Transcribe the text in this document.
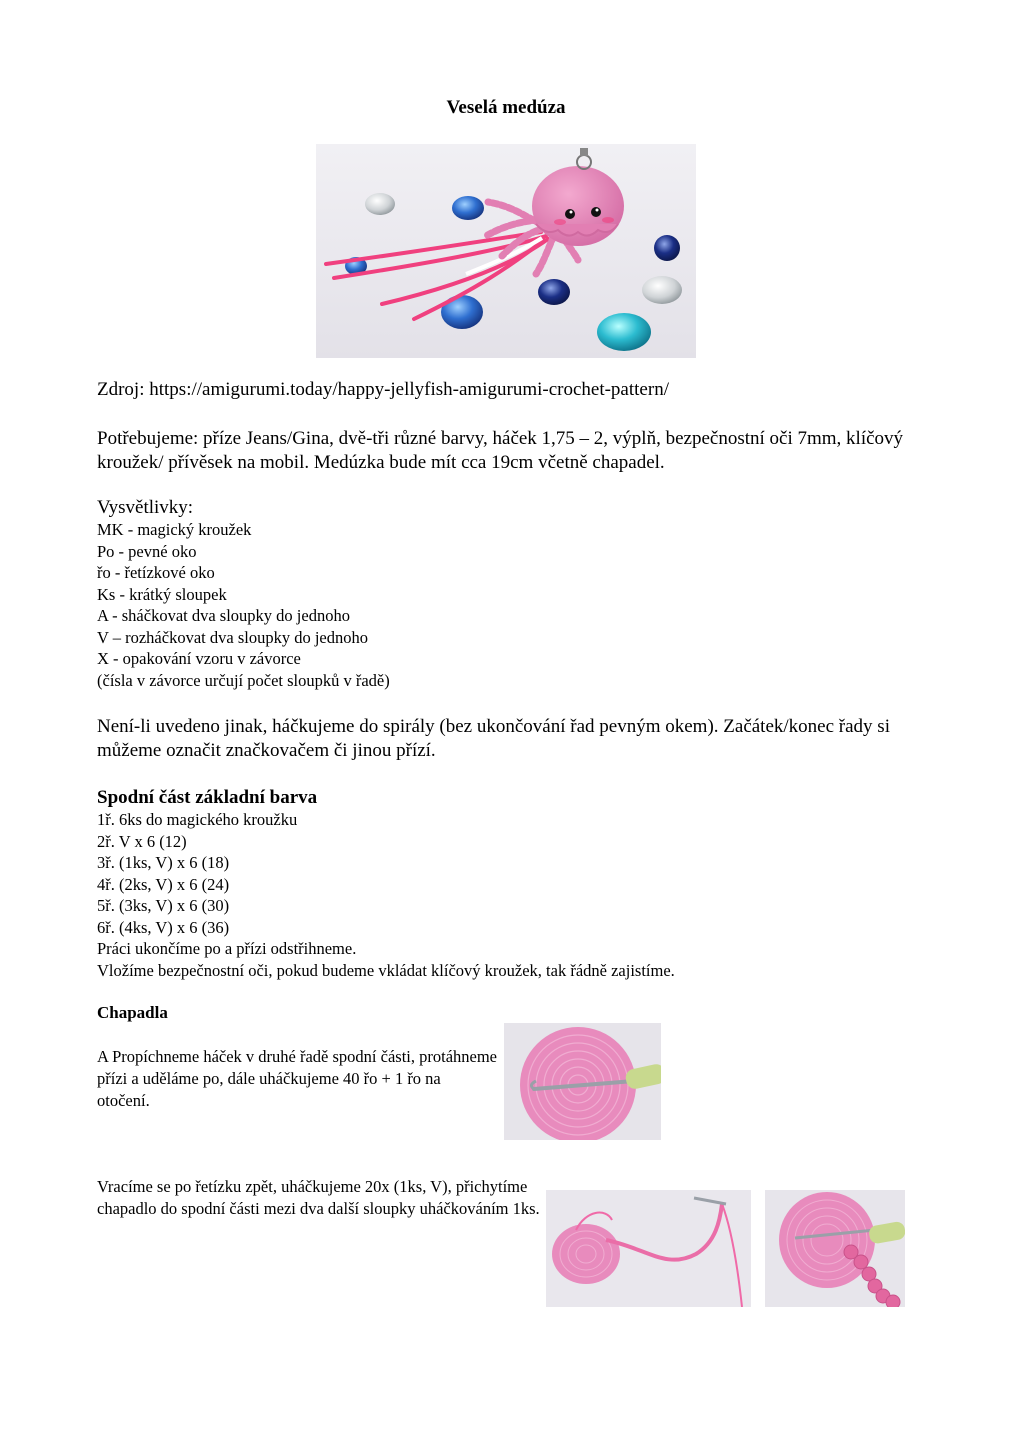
Veselá medúza
Zdroj: https://amigurumi.today/happy-jellyfish-amigurumi-crochet-pattern/
Potřebujeme: příze Jeans/Gina, dvě-tři různé barvy, háček 1,75 – 2, výplň, bezpečnostní oči 7mm, klíčový kroužek/ přívěsek na mobil. Medúzka bude mít cca 19cm včetně chapadel.
Vysvětlivky:
MK - magický kroužek
Po - pevné oko
řo - řetízkové oko
Ks - krátký sloupek
A - sháčkovat dva sloupky do jednoho
V – rozháčkovat dva sloupky do jednoho
X - opakování vzoru v závorce
(čísla v závorce určují počet sloupků v řadě)
Není-li uvedeno jinak, háčkujeme do spirály (bez ukončování řad pevným okem). Začátek/konec řady si můžeme označit značkovačem či jinou přízí.
Spodní část základní barva
1ř. 6ks do magického kroužku
2ř. V x 6 (12)
3ř. (1ks, V) x 6 (18)
4ř. (2ks, V) x 6 (24)
5ř. (3ks, V) x 6 (30)
6ř. (4ks, V) x 6 (36)
Práci ukončíme po a přízi odstřihneme.
Vložíme bezpečnostní oči, pokud budeme vkládat klíčový kroužek, tak řádně zajistíme.
Chapadla
A Propíchneme háček v druhé řadě spodní části, protáhneme přízi a uděláme po, dále uháčkujeme 40 řo + 1 řo na otočení.
Vracíme se po řetízku zpět, uháčkujeme 20x (1ks, V), přichytíme chapadlo do spodní části mezi dva další sloupky uháčkováním 1ks.
